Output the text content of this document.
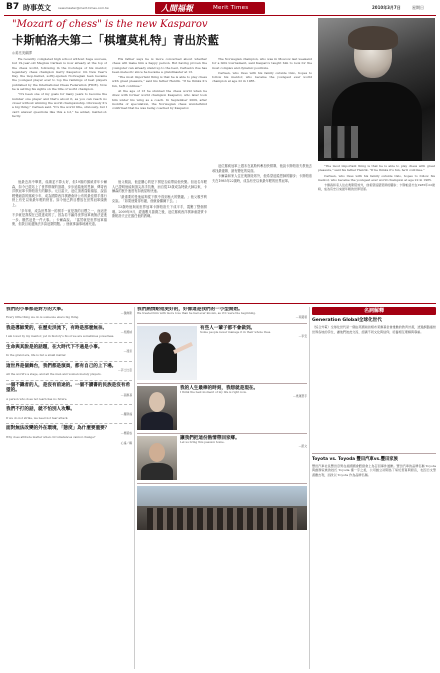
B7 時事英文 newsmaster@merit-times.com.tw	人間福報	Merit Times	2010年3月7日	星期日
"Mozart of chess" is the new Kasparov
卡斯帕洛夫第二「棋壇莫札特」青出於藍
◎姜亮美翻譯

He recently completed high school without huge success, but 19-year-old Magnus Carlsen is now already at the top of the chess world, following in the footsteps of his mentor, legendary chess champion Garry Kasparov. On New Year's Day, the mop-haired, softly-spoken Norwegian teen became the youngest player ever to top the rankings of best players published by the International Chess Federation (FIDE). Now he is setting his sights on the title of world champion.

"It's been one of my goals for many years to become the number one player and that's about it, as you can reach no closer without winning the world championship. Obviously it's a big thing," Carlsen said. "It's the world title, obviously, but I can't answer questions like this a lot," he added, matter-of-factly.

他最近高中畢業，成績並不算太好，但19歲的挪威青年卡爾森，如今已經站上了世界棋壇的頂端，步步追隨他的恩師、傳奇西洋棋冠軍卡斯帕洛夫的腳步。元旦當天，這位頂著蓬鬆頭髮、說話輕聲細語的挪威少年，成為國際西洋棋總會所公布的最佳棋手排行榜上有史以來最年輕的榜首。如今他已將目標放在世界冠軍頭銜上。

「多年來，成為世界第一的棋手一直是我的目標之一，而這差不多就是我現在已經達成的了，因為若不贏得世界冠軍就無法更進一步。顯然這是一件大事。」卡爾森說。「當然就是世界冠軍頭銜，但我目前還無法多談這類問題。」他就事論事地補充道。

His father says he is more concerned about whether chess will make him a happy person. But having proven the youngster can already stand up to the best, Carlsen's rise has been meteoric since he became a grandmaster at 13.

"The most important thing is that he is able to play chess with great pleasure," said his father Henrik. "If he thinks it's fun, he'll continue."

At the age of 13 he stunned the chess world when he drew with former world champion Kasparov, who later took him under his wing as a coach. In September 2009, after months of speculation, the Norwegian chess wunderkind confirmed that he was being coached by Kasparov.

他父親說，他更關心的是下棋是否能帶給他快樂。但這名年輕人已證明他能與頂尖高手抗衡，而自從13歲成為特級大師以來，卡爾森的竄升速度有如流星般快速。

「最重要的是他能夠從下棋中得到極大的樂趣。」他父親亨利克說。「如果他覺得有趣，他就會繼續下去。」

13歲時他與前世界冠軍卡斯帕洛夫下成平手，震驚了整個棋壇。2009年9月，經過數月揣測之後，這位挪威西洋棋神童證實卡斯帕洛夫正在擔任他的教練。

The Norwegian champion, who was in Moscow last weekend for a blitz tournament, said Kasparov taught him to look for the most complex and dynamic positions.

Carlsen, who lives with his family outside Oslo, hopes to follow his mentor, who became the youngest ever world champion at age 22 in 1985.

這位挪威冠軍上週末在莫斯科參加快棋賽，他說卡斯帕洛夫教他去尋找最複雜、最有變化的局面。

卡爾森和家人住在奧斯陸郊外，他希望追隨恩師的腳步；卡斯帕洛夫在1985年22歲時，成為有史以來最年輕的世界冠軍。

"The most important thing is that he is able to play chess with great pleasure," said his father Henrik. "If he thinks it's fun, he'll continue."

Carlsen, who lives with his family outside Oslo, hopes to follow his mentor, who became the youngest ever world champion at age 22 in 1985.

卡爾森和家人住在奧斯陸郊外，他希望追隨恩師的腳步；卡斯帕洛夫在1985年22歲時，成為有史以來最年輕的世界冠軍。

我們的小事都是對方的大事。
—傑佛斯
Every little thing we do is someone else's big thing.
我是導師愛的，在歷史洪流下，有時是那麼無奈。
—吳國楨
I am loved by my mentor, yet in history's flood we are sometimes powerless.
生命與其說是的話題，在大時代下不過是小事。
—馮雲
In the grand era, life is but a small matter.
這世界是個舞台，我們都是演員，都有自己的上下場。
—莎士比亞
All the world's a stage, and all the men and women merely players.
一個不識者的人，是沒有前途的。一個不讀書的民族是沒有希望的。
—高爾基
A person who does not learn has no future.
我們不打的話，就不怕別人攻擊。
—羅斯福
If we do not strike, we need not fear attack.
面對無法改變的外在環境，「態度」為什麼要重要？
—楊富成
Why does attitude matter when circumstances cannot change?
心遠／輯
我們熱情給他更好的，好像這是我們的一小型開始。
We treated him with more love than he had ever known, as if it were the beginning.
—茱麗葉
有些人一輩子都不會做到。
Some people never manage it in their whole lives.
—李安
我的人生最棒的時刻，我想就是現在。
I think the best moment of my life is right now.
—奧運選手
讓我們把這份熱情帶回家鄉。
Let us bring this passion home.
—凱文
名詞解釋
Generation Global全球化世代
（綜合外電）全球化世代是一個由英國前首相布萊爾基金會推動的教育計畫，透過網路連結世界各地的學生，讓他們彼此交流、認識不同文化與信仰，培養相互理解與尊重。
Toyota vs. Toyoda 豐田汽車vs.豐田家族
豐田汽車社長豐田章男在美國國會聽證會上為召回事件道歉。豐田汽車的品牌名稱 Toyota 與創辦家族的姓氏 Toyoda 僅一字之差，公司創立初期為了易於書寫與發音，也因日文筆畫數吉利，而改以 Toyota 作為品牌名稱。
